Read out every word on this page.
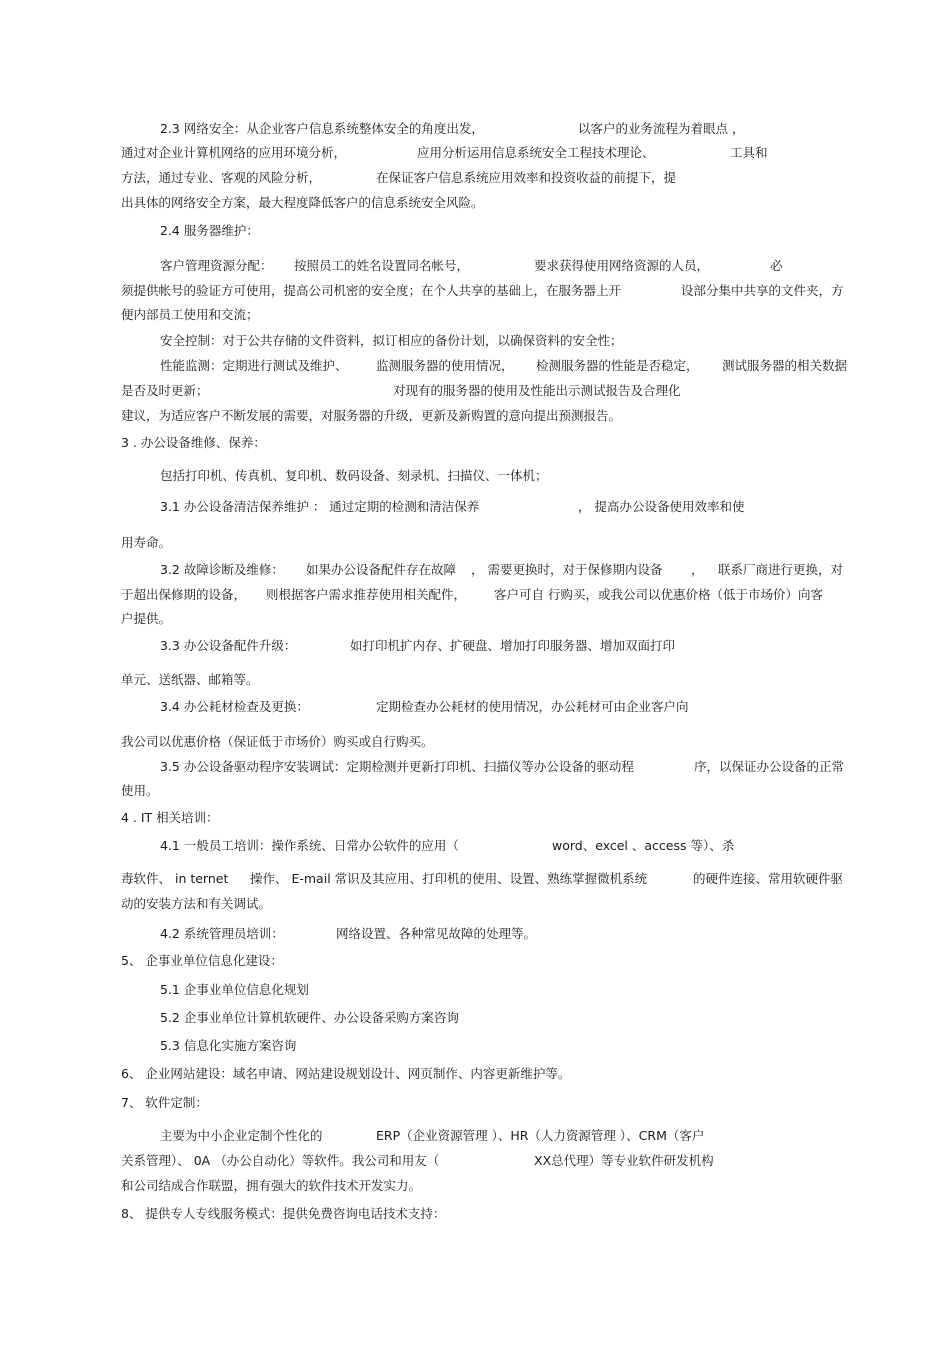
2.3 网络安全：从企业客户信息系统整体安全的角度出发，	以客户的业务流程为着眼点 ，
通过对企业计算机网络的应用环境分析，	应用分析运用信息系统安全工程技术理论、	工具和
方法，通过专业、客观的风险分析，	在保证客户信息系统应用效率和投资收益的前提下，提
出具体的网络安全方案，最大程度降低客户的信息系统安全风险。
2.4 服务器维护：
客户管理资源分配： 按照员工的姓名设置同名帐号，	要求获得使用网络资源的人员，	必
须提供帐号的验证方可使用，提高公司机密的安全度；在个人共享的基础上，在服务器上开	设部分集中共享的文件夹，方
便内部员工使用和交流；
安全控制：对于公共存储的文件资料，拟订相应的备份计划，以确保资料的安全性；
性能监测：定期进行测试及维护、 监测服务器的使用情况， 检测服务器的性能是否稳定， 测试服务器的相关数据
是否及时更新；	对现有的服务器的使用及性能出示测试报告及合理化
建议，为适应客户不断发展的需要，对服务器的升级，更新及新购置的意向提出预测报告。
3 . 办公设备维修、保养：
包括打印机、传真机、复印机、数码设备、刻录机、扫描仪、一体机；
3.1 办公设备清洁保养维护 ： 通过定期的检测和清洁保养	， 提高办公设备使用效率和使
用寿命。
3.2 故障诊断及维修： 如果办公设备配件存在故障 ， 需要更换时，对于保修期内设备 ， 联系厂商进行更换，对
于超出保修期的设备， 则根据客户需求推荐使用相关配件， 客户可自 行购买，或我公司以优惠价格（低于市场价）向客
户提供。
3.3 办公设备配件升级：	如打印机扩内存、扩硬盘、增加打印服务器、增加双面打印
单元、送纸器、邮箱等。
3.4 办公耗材检查及更换：	定期检查办公耗材的使用情况，办公耗材可由企业客户向
我公司以优惠价格（保证低于市场价）购买或自行购买。
3.5 办公设备驱动程序安装调试：定期检测并更新打印机、扫描仪等办公设备的驱动程	序，以保证办公设备的正常
使用。
4 . IT 相关培训：
4.1 一般员工培训：操作系统、日常办公软件的应用（	word、excel 、access 等）、杀
毒软件、 in ternet 操作、 E-mail 常识及其应用、打印机的使用、设置、熟练掌握微机系统	的硬件连接、常用软硬件驱
动的安装方法和有关调试。
4.2 系统管理员培训：	网络设置、各种常见故障的处理等。
5、 企事业单位信息化建设：
5.1 企事业单位信息化规划
5.2 企事业单位计算机软硬件、办公设备采购方案咨询
5.3 信息化实施方案咨询
6、 企业网站建设：域名申请、网站建设规划设计、网页制作、内容更新维护等。
7、 软件定制：
主要为中小企业定制个性化的	ERP（企业资源管理 ）、HR（人力资源管理 ）、CRM（客户
关系管理）、 0A （办公自动化）等软件。我公司和用友（	XX总代理）等专业软件研发机构
和公司结成合作联盟，拥有强大的软件技术开发实力。
8、 提供专人专线服务模式：提供免费咨询电话技术支持：
